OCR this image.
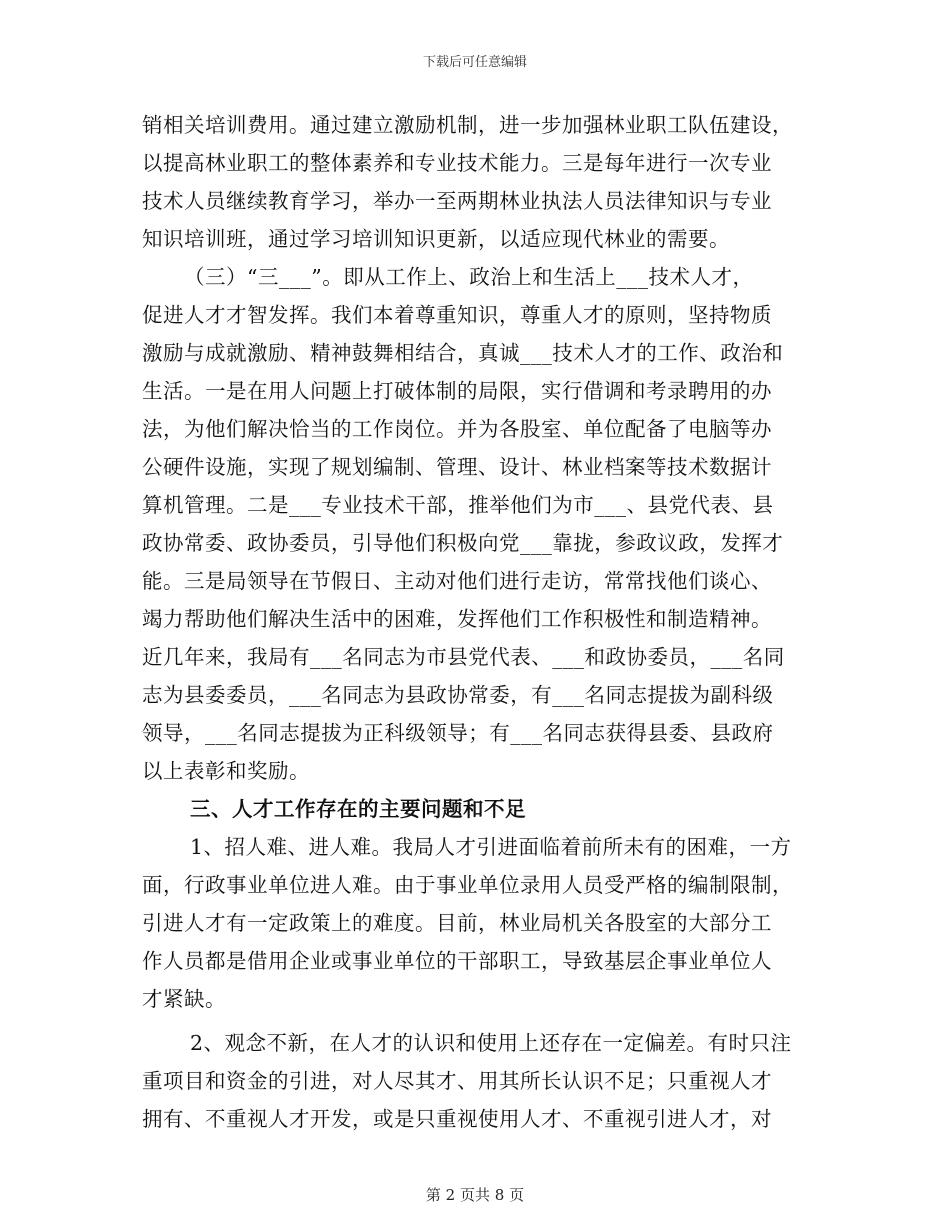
下载后可任意编辑
销相关培训费用。通过建立激励机制，进一步加强林业职工队伍建设，
以提高林业职工的整体素养和专业技术能力。三是每年进行一次专业
技术人员继续教育学习，举办一至两期林业执法人员法律知识与专业
知识培训班，通过学习培训知识更新，以适应现代林业的需要。
（三）“三___”。即从工作上、政治上和生活上___技术人才，
促进人才才智发挥。我们本着尊重知识，尊重人才的原则，坚持物质
激励与成就激励、精神鼓舞相结合，真诚___技术人才的工作、政治和
生活。一是在用人问题上打破体制的局限，实行借调和考录聘用的办
法，为他们解决恰当的工作岗位。并为各股室、单位配备了电脑等办
公硬件设施，实现了规划编制、管理、设计、林业档案等技术数据计
算机管理。二是___专业技术干部，推举他们为市___、县党代表、县
政协常委、政协委员，引导他们积极向党___靠拢，参政议政，发挥才
能。三是局领导在节假日、主动对他们进行走访，常常找他们谈心、
竭力帮助他们解决生活中的困难，发挥他们工作积极性和制造精神。
近几年来，我局有___名同志为市县党代表、___和政协委员，___名同
志为县委委员，___名同志为县政协常委，有___名同志提拔为副科级
领导，___名同志提拔为正科级领导；有___名同志获得县委、县政府
以上表彰和奖励。
三、人才工作存在的主要问题和不足
1、招人难、进人难。我局人才引进面临着前所未有的困难，一方
面，行政事业单位进人难。由于事业单位录用人员受严格的编制限制，
引进人才有一定政策上的难度。目前，林业局机关各股室的大部分工
作人员都是借用企业或事业单位的干部职工，导致基层企事业单位人
才紧缺。
2、观念不新，在人才的认识和使用上还存在一定偏差。有时只注
重项目和资金的引进，对人尽其才、用其所长认识不足；只重视人才
拥有、不重视人才开发，或是只重视使用人才、不重视引进人才，对
第 2 页共 8 页
